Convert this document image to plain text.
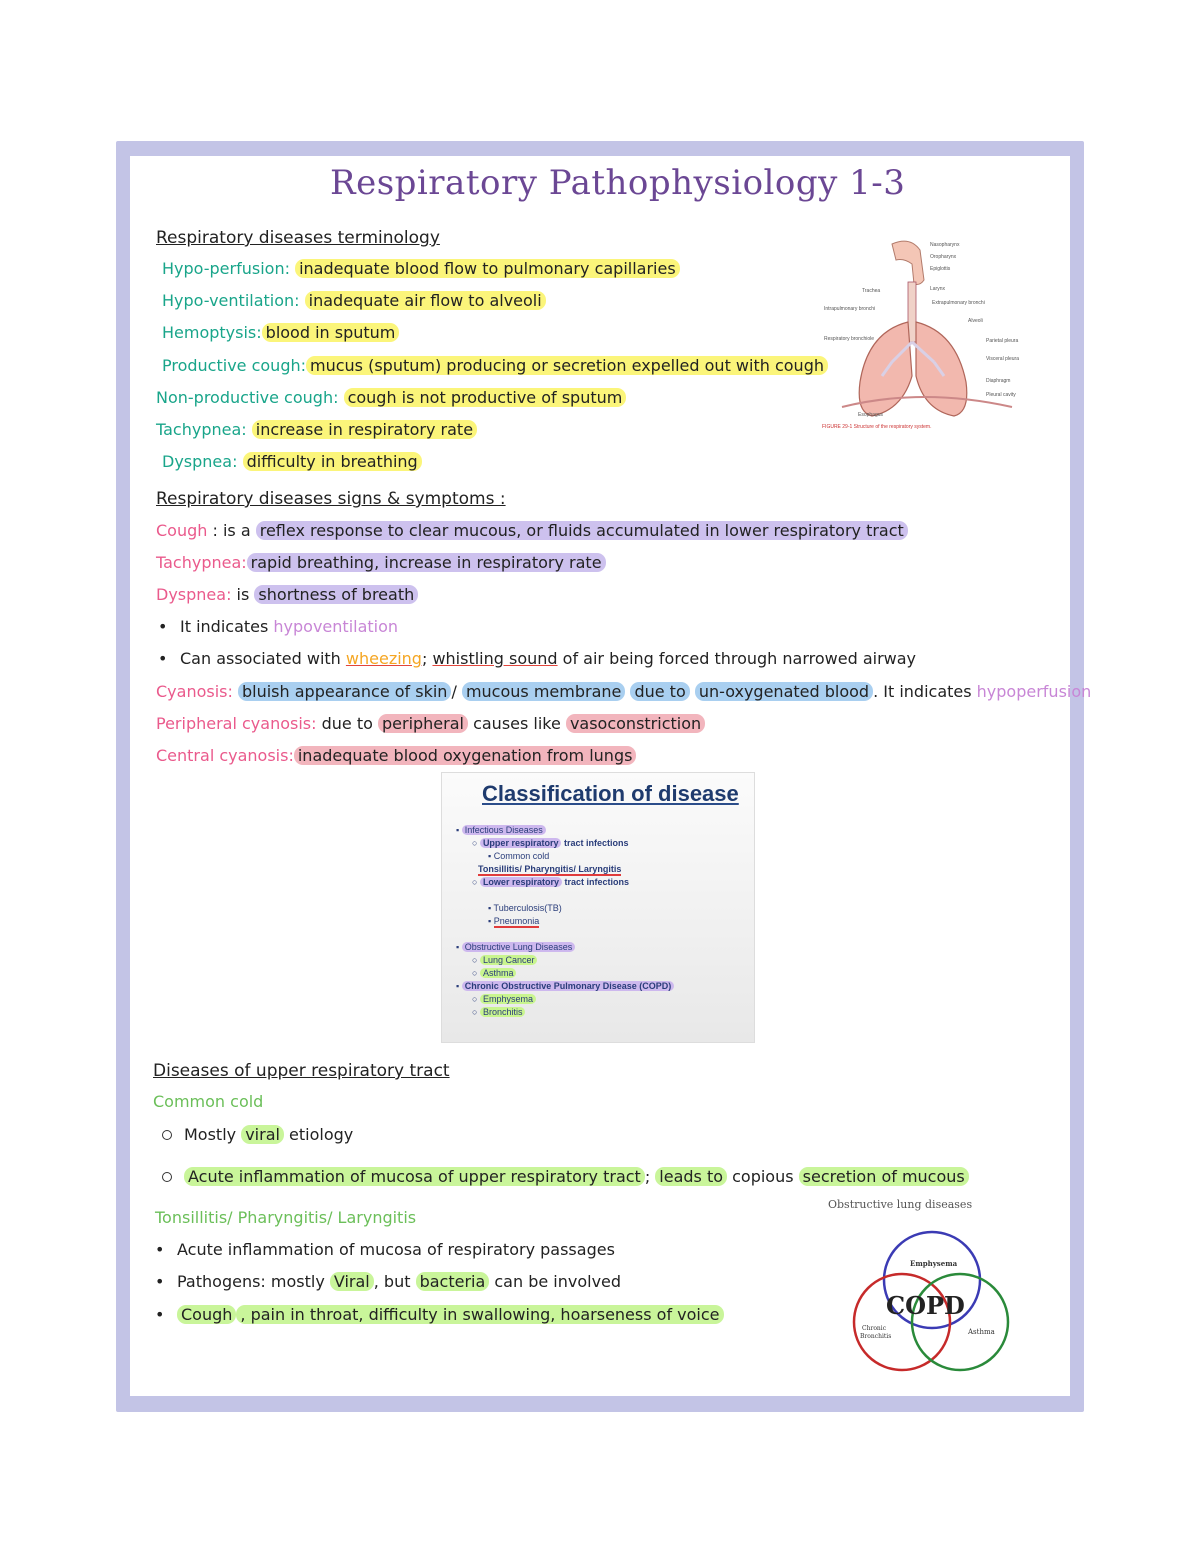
Respiratory Pathophysiology 1-3
Respiratory diseases terminology
Hypo-perfusion: inadequate blood flow to pulmonary capillaries
Hypo-ventilation: inadequate air flow to alveoli
Hemoptysis: blood in sputum
Productive cough: mucus (sputum) producing or secretion expelled out with cough
Non-productive cough: cough is not productive of sputum
Tachypnea: increase in respiratory rate
Dyspnea: difficulty in breathing
Nasopharynx
Oropharynx
Epiglottis
Larynx
Trachea
Intrapulmonary bronchi
Extrapulmonary bronchi
Respiratory bronchiole
Alveoli
Parietal pleura
Visceral pleura
Diaphragm
Pleural cavity
Esophagus
FIGURE 29-1 Structure of the respiratory system.
Respiratory diseases signs & symptoms :
Cough : is a reflex response to clear mucous, or fluids accumulated in lower respiratory tract
Tachypnea: rapid breathing, increase in respiratory rate
Dyspnea: is shortness of breath
• It indicates hypoventilation
• Can associated with wheezing; whistling sound of air being forced through narrowed airway
Cyanosis: bluish appearance of skin / mucous membrane due to un-oxygenated blood . It indicates hypoperfusion
Peripheral cyanosis: due to peripheral causes like vasoconstriction
Central cyanosis: inadequate blood oxygenation from lungs
Classification of disease
▪ Infectious Diseases
○ Upper respiratory tract infections
▪ Common cold
Tonsillitis/ Pharyngitis/ Laryngitis
○ Lower respiratory tract infections
▪ Tuberculosis(TB)
▪ Pneumonia
▪ Obstructive Lung Diseases
○ Lung Cancer
○ Asthma
▪ Chronic Obstructive Pulmonary Disease (COPD)
○ Emphysema
○ Bronchitis
Diseases of upper respiratory tract
Common cold
Mostly viral etiology
Acute inflammation of mucosa of upper respiratory tract ; leads to copious secretion of mucous
Tonsillitis/ Pharyngitis/ Laryngitis
• Acute inflammation of mucosa of respiratory passages
• Pathogens: mostly Viral , but bacteria can be involved
• Cough , pain in throat, difficulty in swallowing, hoarseness of voice
Obstructive lung diseases
Emphysema
COPD
Chronic
Bronchitis
Asthma
